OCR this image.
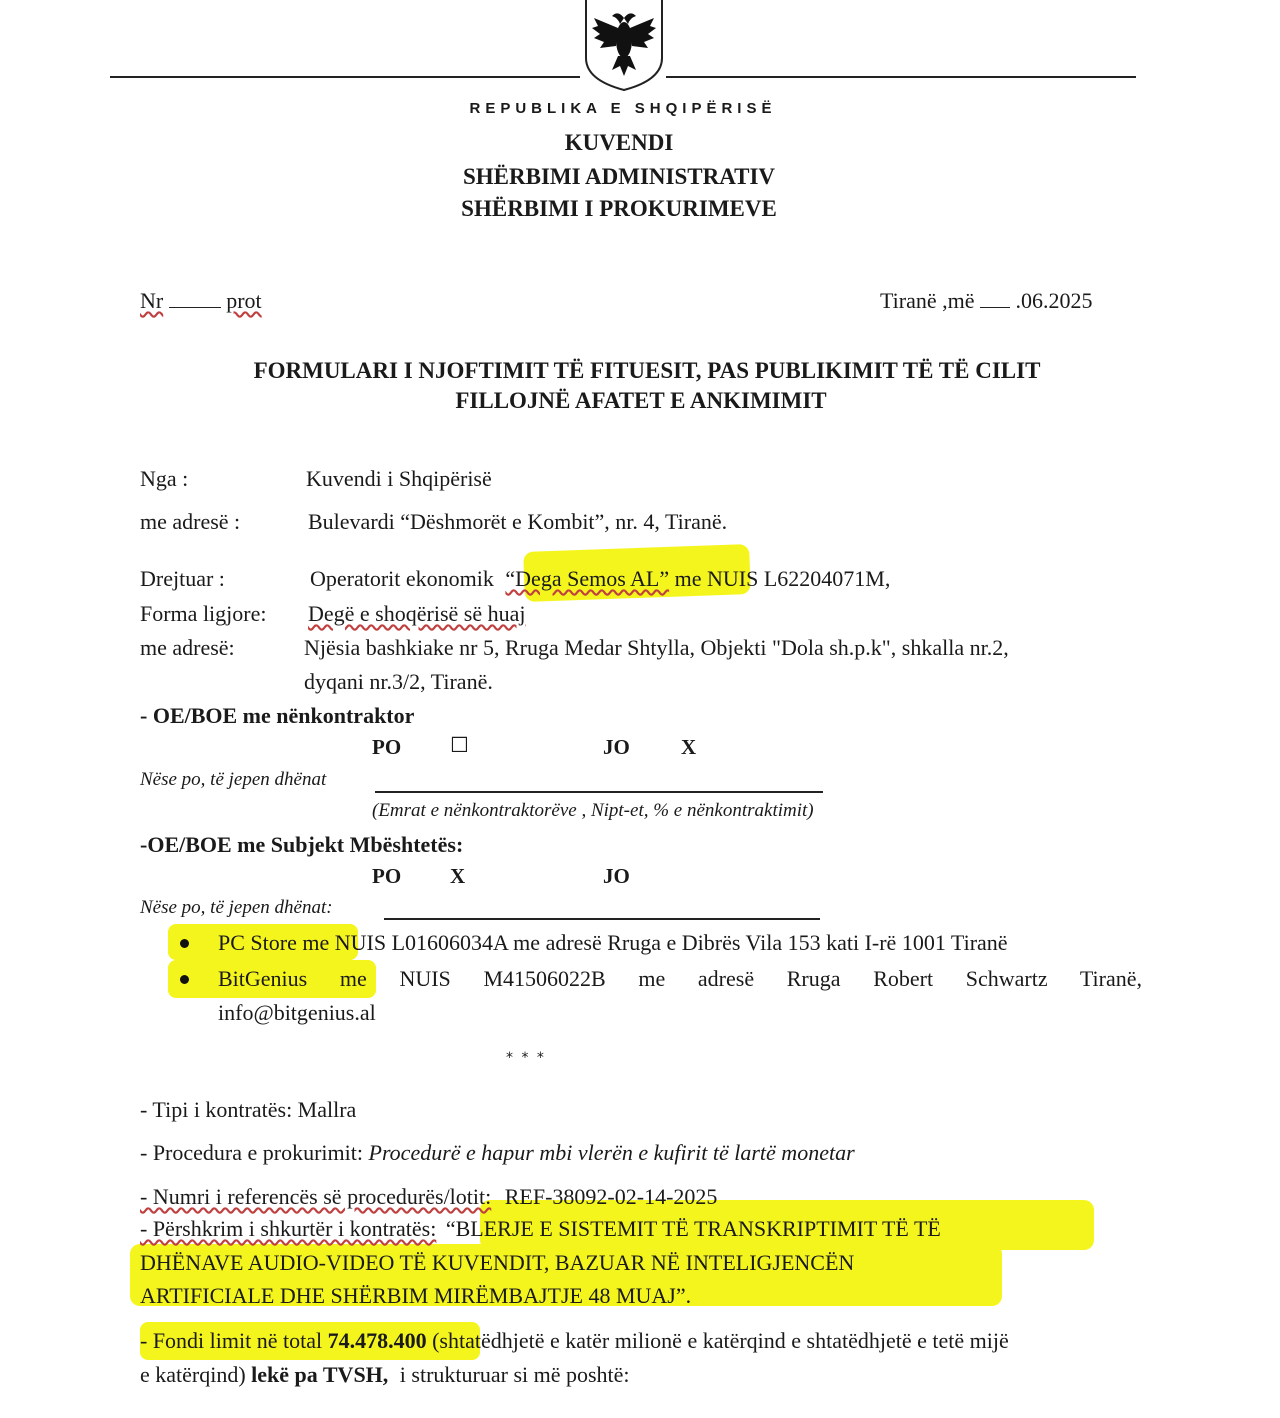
REPUBLIKA E SHQIPËRISË
KUVENDI
SHËRBIMI ADMINISTRATIV
SHËRBIMI I PROKURIMEVE
Nr	prot	Tiranë ,më .06.2025
FORMULARI I NJOFTIMIT TË FITUESIT, PAS PUBLIKIMIT TË TË CILIT
FILLOJNË AFATET E ANKIMIMIT
Nga :	Kuvendi i Shqipërisë
me adresë :	Bulevardi “Dëshmorët e Kombit”, nr. 4, Tiranë.
Drejtuar :	Operatorit ekonomik “Dega Semos AL” me NUIS L62204071M,
Forma ligjore: Degë e shoqërisë së huaj
me adresë:	Njësia bashkiake nr 5, Rruga Medar Shtylla, Objekti "Dola sh.p.k", shkalla nr.2,
dyqani nr.3/2, Tiranë.
- OE/BOE me nënkontraktor
PO ☐	JO X
Nëse po, të jepen dhënat
(Emrat e nënkontraktorëve , Nipt-et, % e nënkontraktimit)
-OE/BOE me Subjekt Mbështetës:
PO X	JO
Nëse po, të jepen dhënat:
PC Store me NUIS L01606034A me adresë Rruga e Dibrës Vila 153 kati I-rë 1001 Tiranë
BitGenius me NUIS M41506022B me adresë Rruga Robert Schwartz Tiranë,
info@bitgenius.al
* * *
- Tipi i kontratës: Mallra
- Procedura e prokurimit: Procedurë e hapur mbi vlerën e kufirit të lartë monetar
- Numri i referencës së procedurës/lotit: REF-38092-02-14-2025
- Përshkrim i shkurtër i kontratës: “BLERJE E SISTEMIT TË TRANSKRIPTIMIT TË TË
DHËNAVE AUDIO-VIDEO TË KUVENDIT, BAZUAR NË INTELIGJENCËN
ARTIFICIALE DHE SHËRBIM MIRËMBAJTJE 48 MUAJ”.
- Fondi limit në total 74.478.400 (shtatëdhjetë e katër milionë e katërqind e shtatëdhjetë e tetë mijë
e katërqind) lekë pa TVSH, i strukturuar si më poshtë:
